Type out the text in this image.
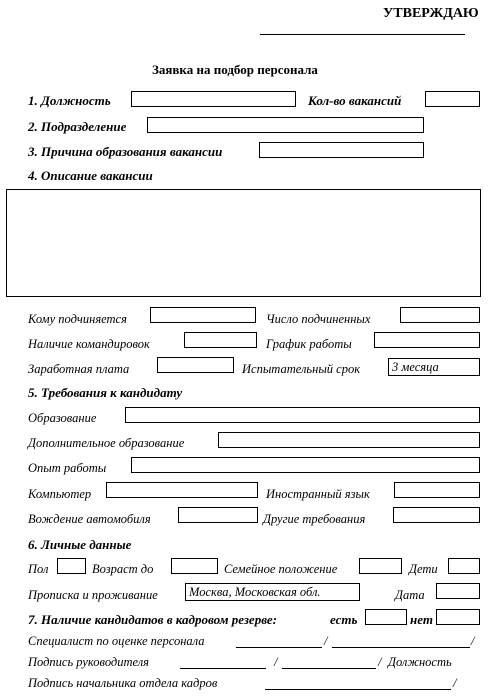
УТВЕРЖДАЮ
Заявка на подбор персонала
1. Должность	Кол-во вакансий
2. Подразделение
3. Причина образования вакансии
4. Описание вакансии
Кому подчиняется	Число подчиненных
Наличие командировок	График работы
Заработная плата	Испытательный срок	3 месяца
5. Требования к кандидату
Образование
Дополнительное образование
Опыт работы
Компьютер	Иностранный язык
Вождение автомобиля	Другие требования
6. Личные данные
Пол	Возраст до	Семейное положение	Дети
Прописка и проживание	Москва, Московская обл.	Дата
7. Наличие кандидатов в кадровом резерве:	есть	нет
Специалист по оценке персонала	/	/
Подпись руководителя	/	/ Должность
Подпись начальника отдела кадров	/
